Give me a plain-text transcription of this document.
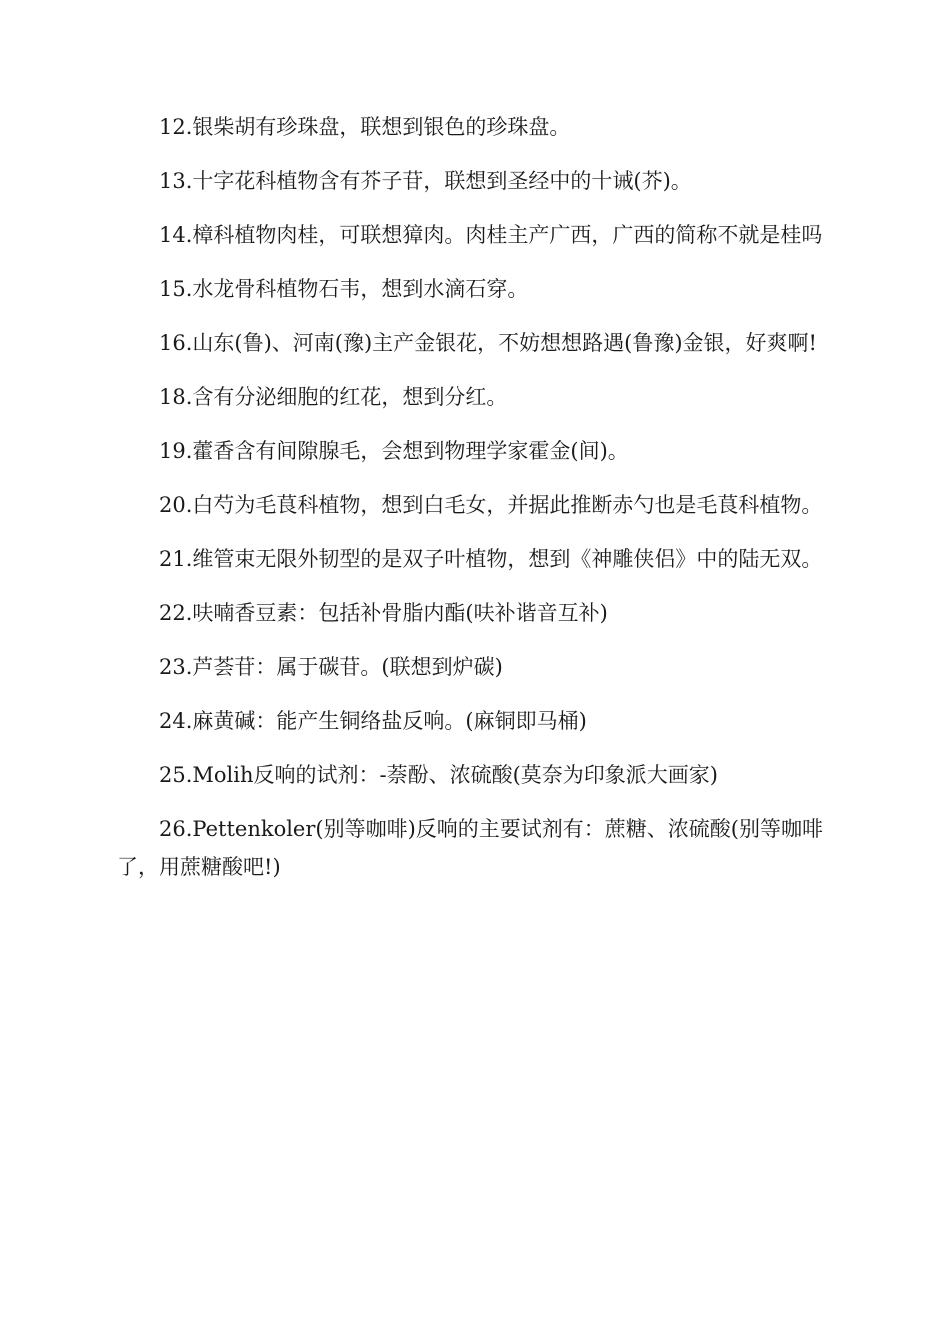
12.银柴胡有珍珠盘，联想到银色的珍珠盘。

13.十字花科植物含有芥子苷，联想到圣经中的十诫(芥)。

14.樟科植物肉桂，可联想獐肉。肉桂主产广西，广西的简称不就是桂吗

15.水龙骨科植物石韦，想到水滴石穿。

16.山东(鲁)、河南(豫)主产金银花，不妨想想路遇(鲁豫)金银，好爽啊!

18.含有分泌细胞的红花，想到分红。

19.藿香含有间隙腺毛，会想到物理学家霍金(间)。

20.白芍为毛茛科植物，想到白毛女，并据此推断赤勺也是毛茛科植物。

21.维管束无限外韧型的是双子叶植物，想到《神雕侠侣》中的陆无双。

22.呋喃香豆素：包括补骨脂内酯(呋补谐音互补)

23.芦荟苷：属于碳苷。(联想到炉碳)

24.麻黄碱：能产生铜络盐反响。(麻铜即马桶)

25.Molih反响的试剂：-萘酚、浓硫酸(莫奈为印象派大画家)

26.Pettenkoler(别等咖啡)反响的主要试剂有：蔗糖、浓硫酸(别等咖啡了，用蔗糖酸吧!)
